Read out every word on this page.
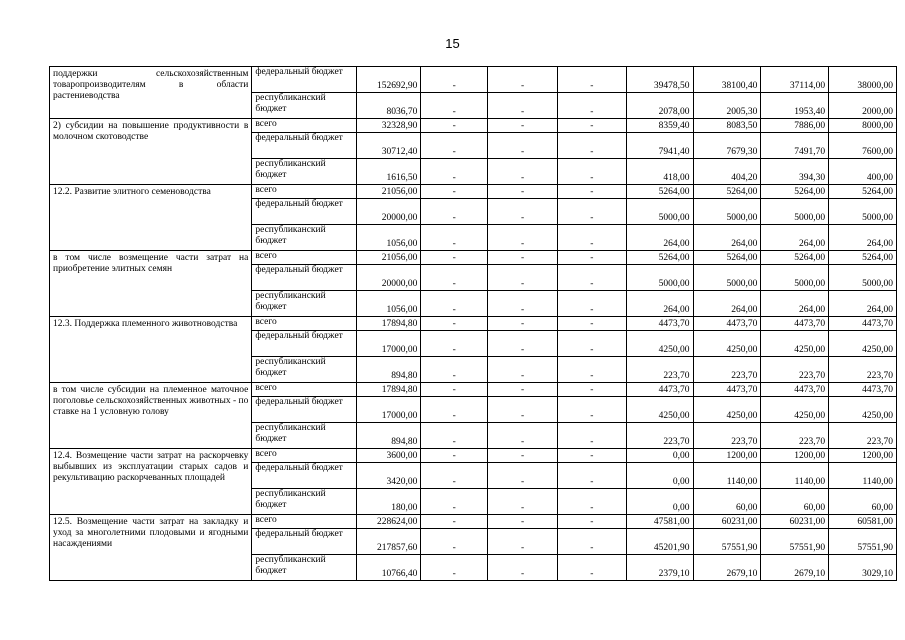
15
поддержки сельскохозяйственным товаропроизводителям в области растениеводства	федеральный бюджет	152692,90	-	-	-	39478,50	38100,40	37114,00	38000,00
	республиканский бюджет	8036,70	-	-	-	2078,00	2005,30	1953,40	2000,00
2) субсидии на повышение продуктивности в молочном скотоводстве	всего	32328,90	-	-	-	8359,40	8083,50	7886,00	8000,00
	федеральный бюджет	30712,40	-	-	-	7941,40	7679,30	7491,70	7600,00
	республиканский бюджет	1616,50	-	-	-	418,00	404,20	394,30	400,00
12.2. Развитие элитного семеноводства	всего	21056,00	-	-	-	5264,00	5264,00	5264,00	5264,00
	федеральный бюджет	20000,00	-	-	-	5000,00	5000,00	5000,00	5000,00
	республиканский бюджет	1056,00	-	-	-	264,00	264,00	264,00	264,00
в том числе возмещение части затрат на приобретение элитных семян	всего	21056,00	-	-	-	5264,00	5264,00	5264,00	5264,00
	федеральный бюджет	20000,00	-	-	-	5000,00	5000,00	5000,00	5000,00
	республиканский бюджет	1056,00	-	-	-	264,00	264,00	264,00	264,00
12.3. Поддержка племенного животноводства	всего	17894,80	-	-	-	4473,70	4473,70	4473,70	4473,70
	федеральный бюджет	17000,00	-	-	-	4250,00	4250,00	4250,00	4250,00
	республиканский бюджет	894,80	-	-	-	223,70	223,70	223,70	223,70
в том числе субсидии на племенное маточное поголовье сельскохозяйственных животных - по ставке на 1 условную голову	всего	17894,80	-	-	-	4473,70	4473,70	4473,70	4473,70
	федеральный бюджет	17000,00	-	-	-	4250,00	4250,00	4250,00	4250,00
	республиканский бюджет	894,80	-	-	-	223,70	223,70	223,70	223,70
12.4. Возмещение части затрат на раскорчевку выбывших из эксплуатации старых садов и рекультивацию раскорчеванных площадей	всего	3600,00	-	-	-	0,00	1200,00	1200,00	1200,00
	федеральный бюджет	3420,00	-	-	-	0,00	1140,00	1140,00	1140,00
	республиканский бюджет	180,00	-	-	-	0,00	60,00	60,00	60,00
12.5. Возмещение части затрат на закладку и уход за многолетними плодовыми и ягодными насаждениями	всего	228624,00	-	-	-	47581,00	60231,00	60231,00	60581,00
	федеральный бюджет	217857,60	-	-	-	45201,90	57551,90	57551,90	57551,90
	республиканский бюджет	10766,40	-	-	-	2379,10	2679,10	2679,10	3029,10
